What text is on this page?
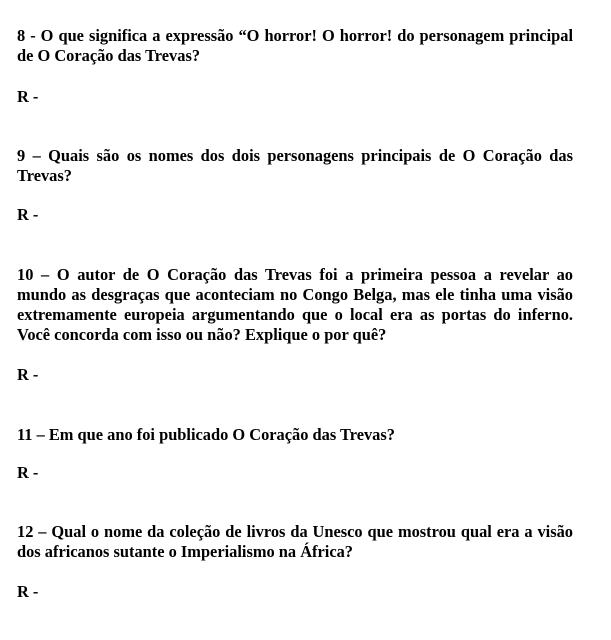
8 - O que significa a expressão “O horror! O horror! do personagem principal de O Coração das Trevas?

R -

9 – Quais são os nomes dos dois personagens principais de O Coração das Trevas?

R -

10 – O autor de O Coração das Trevas foi a primeira pessoa a revelar ao mundo as desgraças que aconteciam no Congo Belga, mas ele tinha uma visão extremamente europeia argumentando que o local era as portas do inferno. Você concorda com isso ou não? Explique o por quê?

R -

11 – Em que ano foi publicado O Coração das Trevas?

R -

12 – Qual o nome da coleção de livros da Unesco que mostrou qual era a visão dos africanos sutante o Imperialismo na África?

R -
